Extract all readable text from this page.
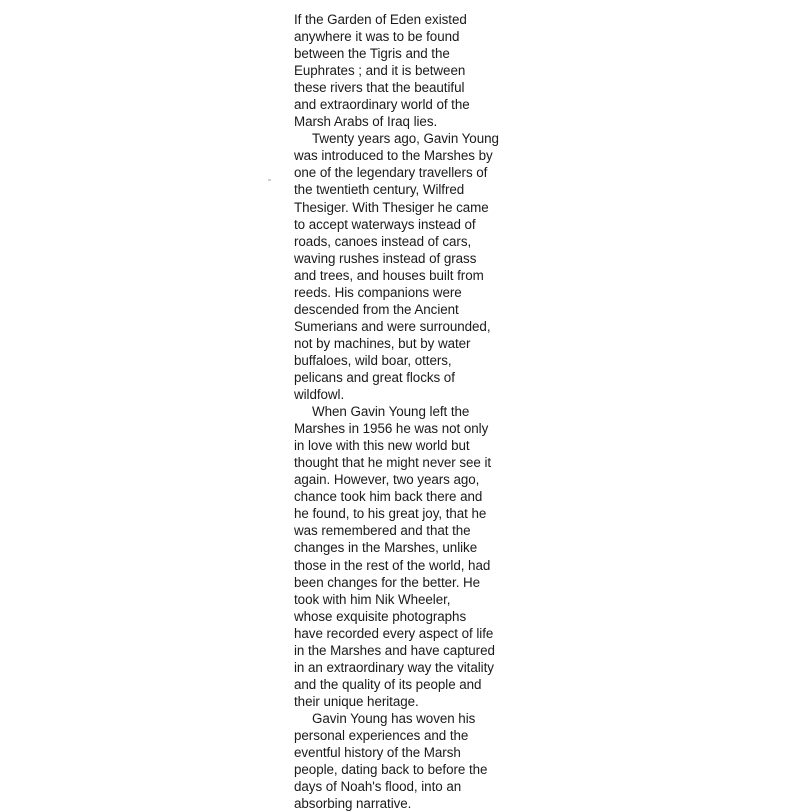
If the Garden of Eden existed
anywhere it was to be found
between the Tigris and the
Euphrates ; and it is between
these rivers that the beautiful
and extraordinary world of the
Marsh Arabs of Iraq lies.

Twenty years ago, Gavin Young
was introduced to the Marshes by
one of the legendary travellers of
the twentieth century, Wilfred
Thesiger. With Thesiger he came
to accept waterways instead of
roads, canoes instead of cars,
waving rushes instead of grass
and trees, and houses built from
reeds. His companions were
descended from the Ancient
Sumerians and were surrounded,
not by machines, but by water
buffaloes, wild boar, otters,
pelicans and great flocks of
wildfowl.

When Gavin Young left the
Marshes in 1956 he was not only
in love with this new world but
thought that he might never see it
again. However, two years ago,
chance took him back there and
he found, to his great joy, that he
was remembered and that the
changes in the Marshes, unlike
those in the rest of the world, had
been changes for the better. He
took with him Nik Wheeler,
whose exquisite photographs
have recorded every aspect of life
in the Marshes and have captured
in an extraordinary way the vitality
and the quality of its people and
their unique heritage.

Gavin Young has woven his
personal experiences and the
eventful history of the Marsh
people, dating back to before the
days of Noah's flood, into an
absorbing narrative.
